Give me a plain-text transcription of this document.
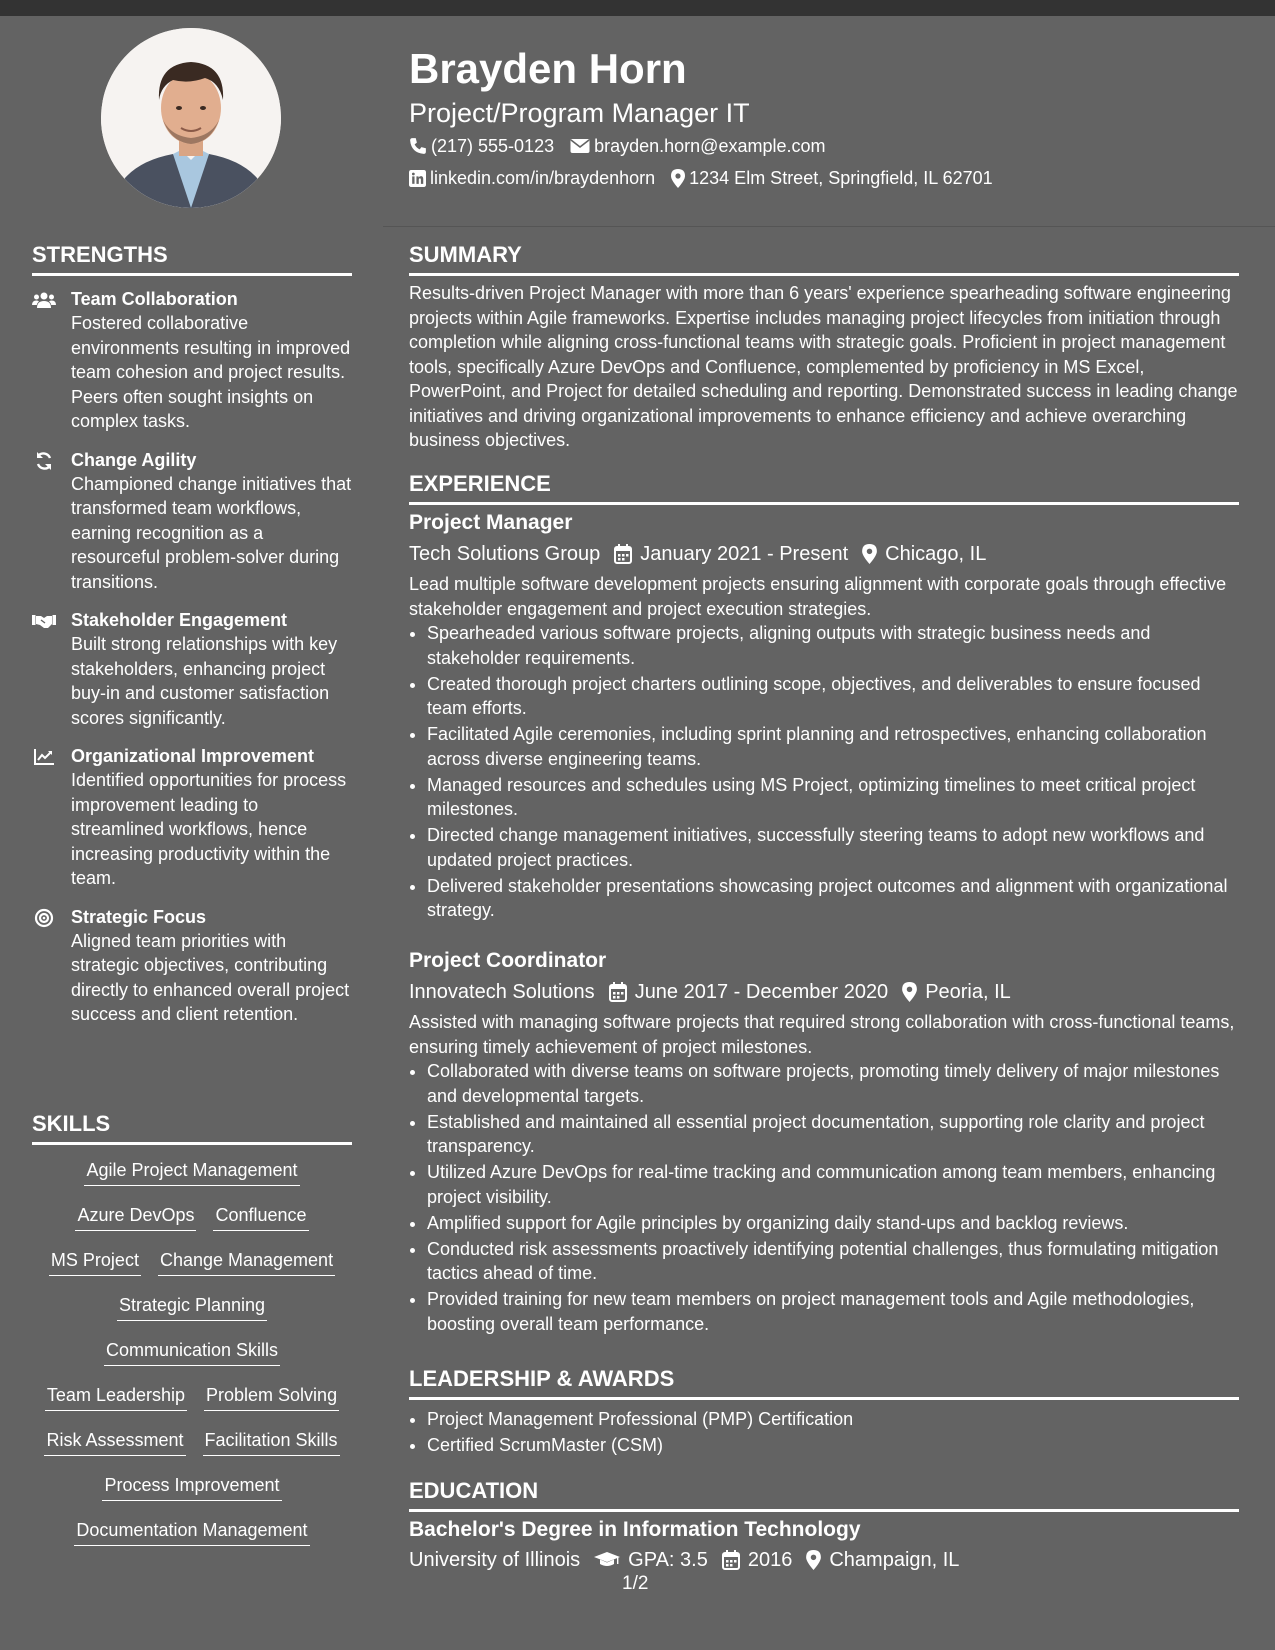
Brayden Horn
Project/Program Manager IT
(217) 555-0123 brayden.horn@example.com
linkedin.com/in/braydenhorn 1234 Elm Street, Springfield, IL 62701
STRENGTHS
Team Collaboration
Fostered collaborative environments resulting in improved team cohesion and project results. Peers often sought insights on complex tasks.
Change Agility
Championed change initiatives that transformed team workflows, earning recognition as a resourceful problem-solver during transitions.
Stakeholder Engagement
Built strong relationships with key stakeholders, enhancing project buy-in and customer satisfaction scores significantly.
Organizational Improvement
Identified opportunities for process improvement leading to streamlined workflows, hence increasing productivity within the team.
Strategic Focus
Aligned team priorities with strategic objectives, contributing directly to enhanced overall project success and client retention.
SKILLS
Agile Project Management
Azure DevOps Confluence
MS Project Change Management
Strategic Planning
Communication Skills
Team Leadership Problem Solving
Risk Assessment Facilitation Skills
Process Improvement
Documentation Management
SUMMARY

Results-driven Project Manager with more than 6 years' experience spearheading software engineering projects within Agile frameworks. Expertise includes managing project lifecycles from initiation through completion while aligning cross-functional teams with strategic goals. Proficient in project management tools, specifically Azure DevOps and Confluence, complemented by proficiency in MS Excel, PowerPoint, and Project for detailed scheduling and reporting. Demonstrated success in leading change initiatives and driving organizational improvements to enhance efficiency and achieve overarching business objectives.

EXPERIENCE
Project Manager
Tech Solutions Group January 2021 - Present Chicago, IL

Lead multiple software development projects ensuring alignment with corporate goals through effective stakeholder engagement and project execution strategies.

• Spearheaded various software projects, aligning outputs with strategic business needs and stakeholder requirements.
• Created thorough project charters outlining scope, objectives, and deliverables to ensure focused team efforts.
• Facilitated Agile ceremonies, including sprint planning and retrospectives, enhancing collaboration across diverse engineering teams.
• Managed resources and schedules using MS Project, optimizing timelines to meet critical project milestones.
• Directed change management initiatives, successfully steering teams to adopt new workflows and updated project practices.
• Delivered stakeholder presentations showcasing project outcomes and alignment with organizational strategy.
Project Coordinator
Innovatech Solutions June 2017 - December 2020 Peoria, IL

Assisted with managing software projects that required strong collaboration with cross-functional teams, ensuring timely achievement of project milestones.

• Collaborated with diverse teams on software projects, promoting timely delivery of major milestones and developmental targets.
• Established and maintained all essential project documentation, supporting role clarity and project transparency.
• Utilized Azure DevOps for real-time tracking and communication among team members, enhancing project visibility.
• Amplified support for Agile principles by organizing daily stand-ups and backlog reviews.
• Conducted risk assessments proactively identifying potential challenges, thus formulating mitigation tactics ahead of time.
• Provided training for new team members on project management tools and Agile methodologies, boosting overall team performance.
LEADERSHIP & AWARDS
• Project Management Professional (PMP) Certification
• Certified ScrumMaster (CSM)
EDUCATION
Bachelor's Degree in Information Technology
University of Illinois GPA: 3.5 2016 Champaign, IL
1/2
